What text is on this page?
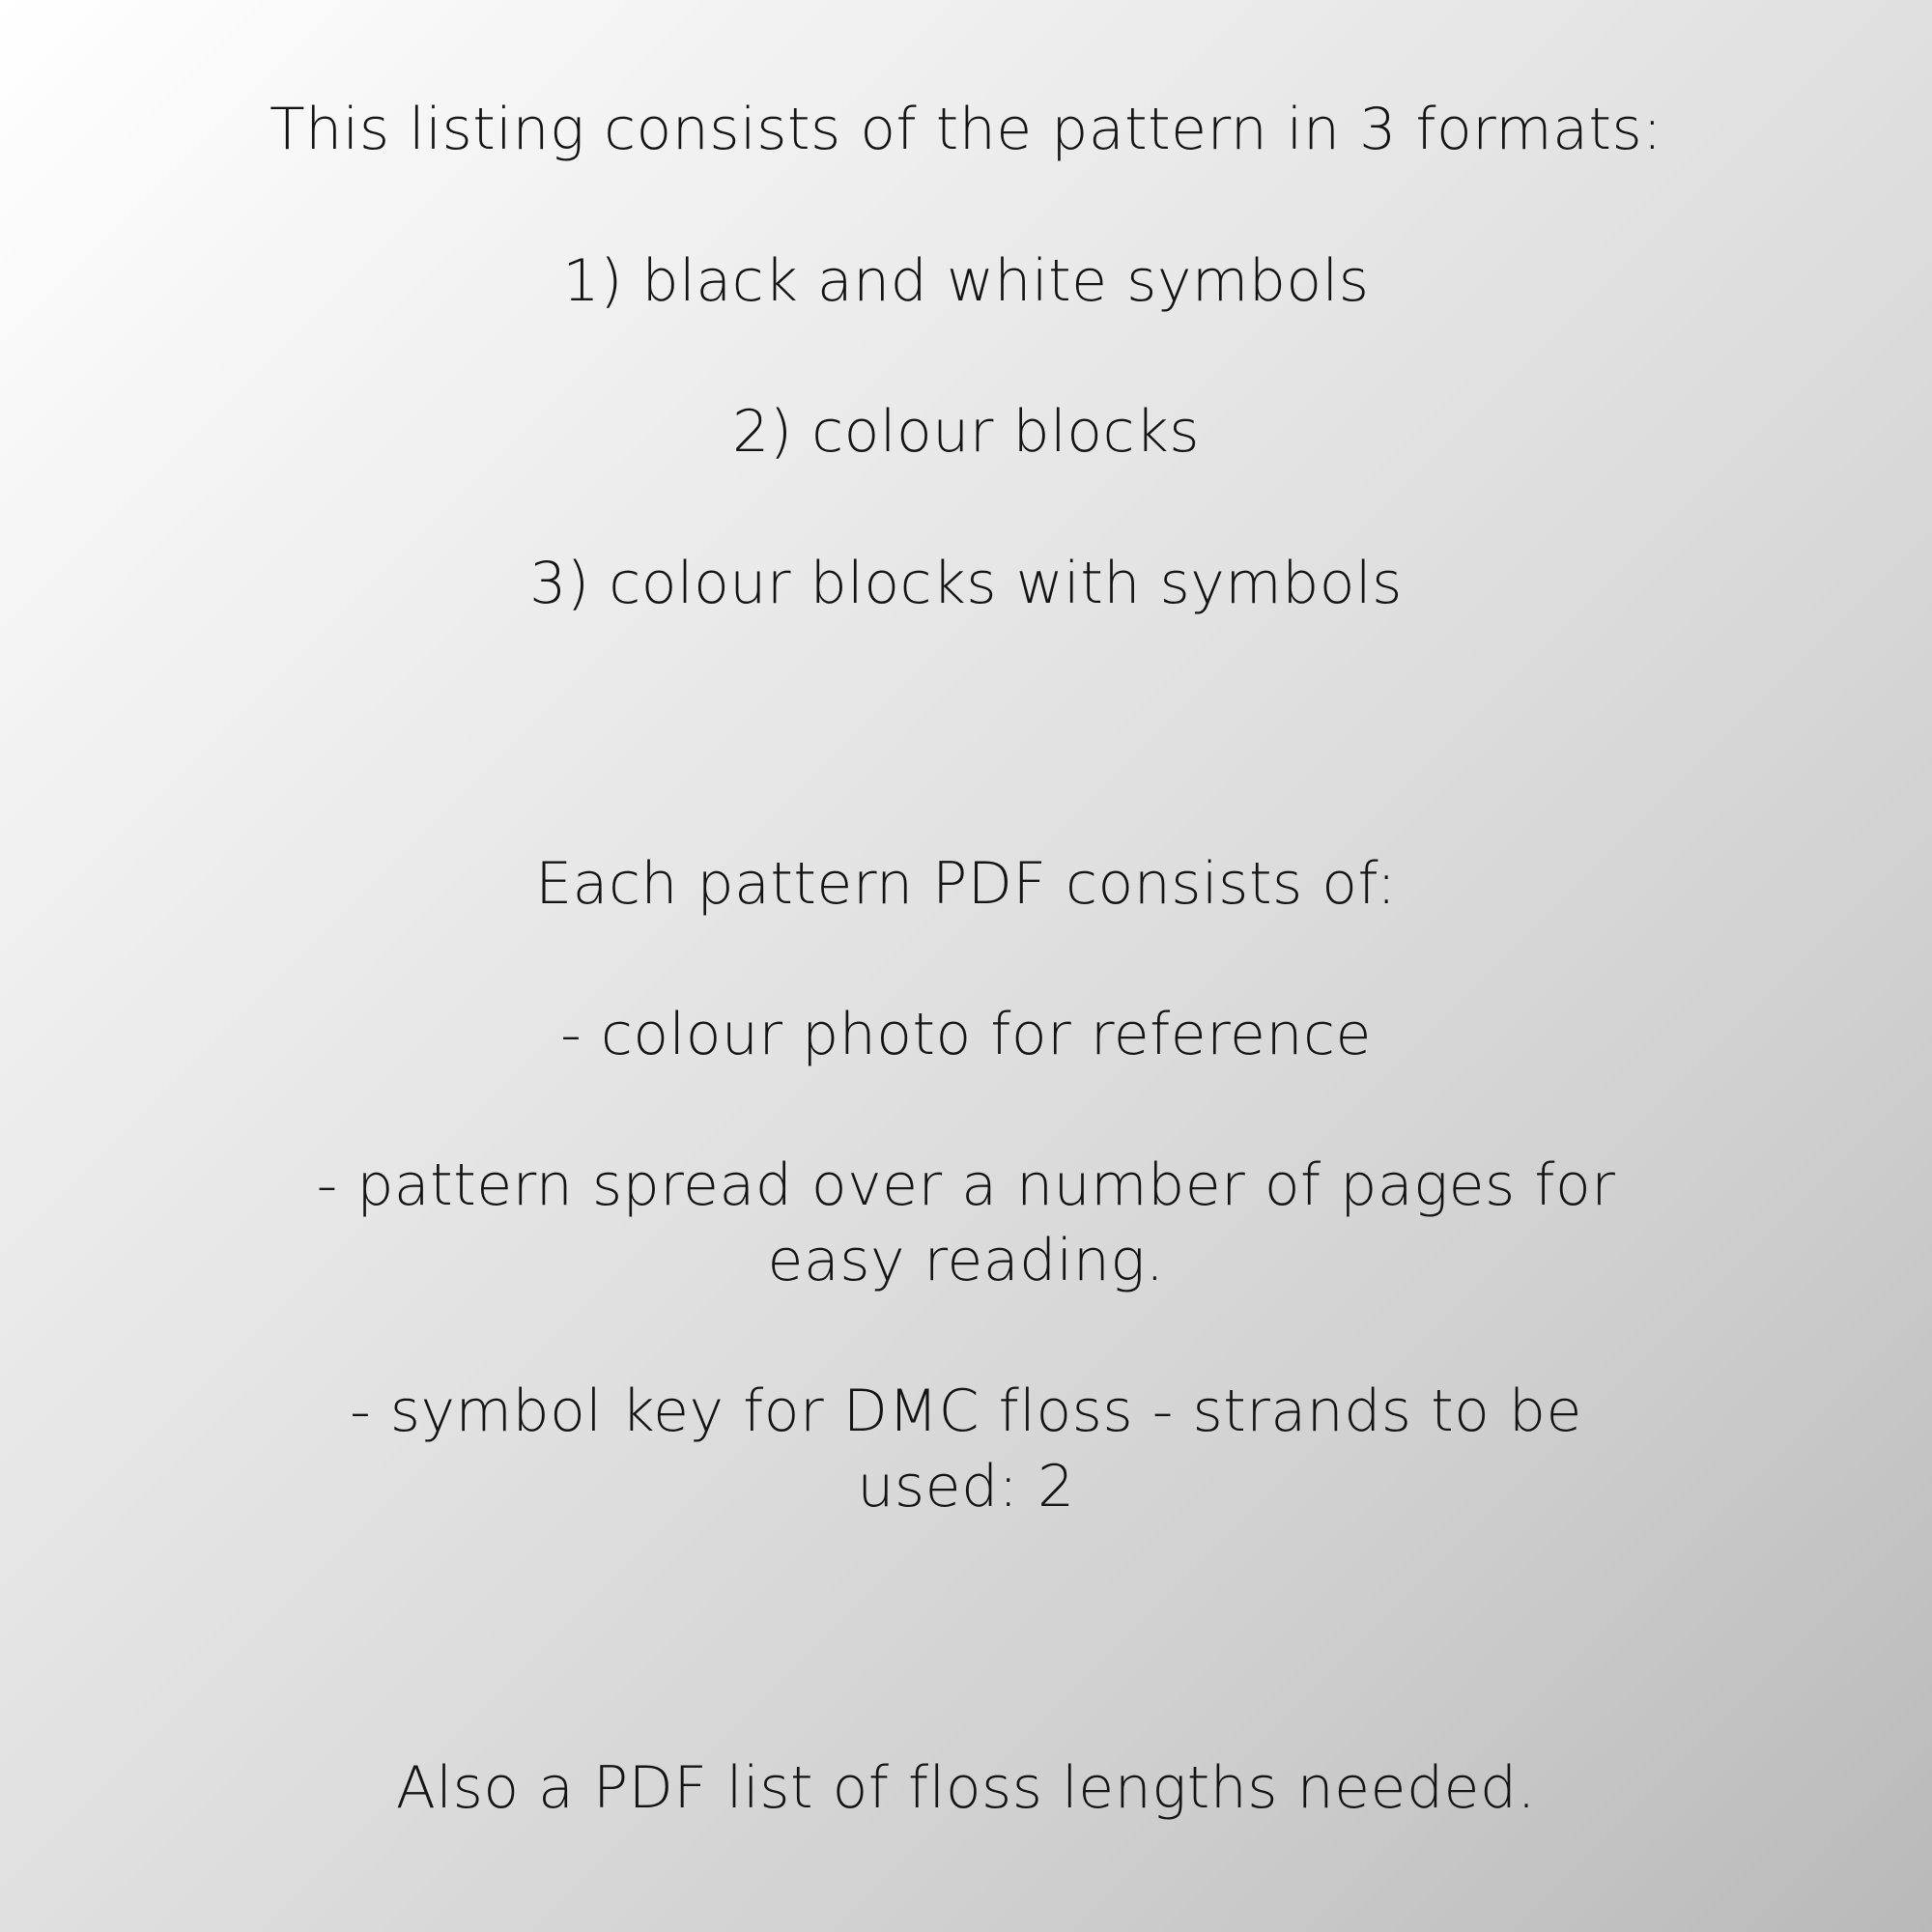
This listing consists of the pattern in 3 formats:
1) black and white symbols
2) colour blocks
3) colour blocks with symbols
Each pattern PDF consists of:
- colour photo for reference
- pattern spread over a number of pages for
easy reading.
- symbol key for DMC floss - strands to be
used: 2
Also a PDF list of floss lengths needed.
